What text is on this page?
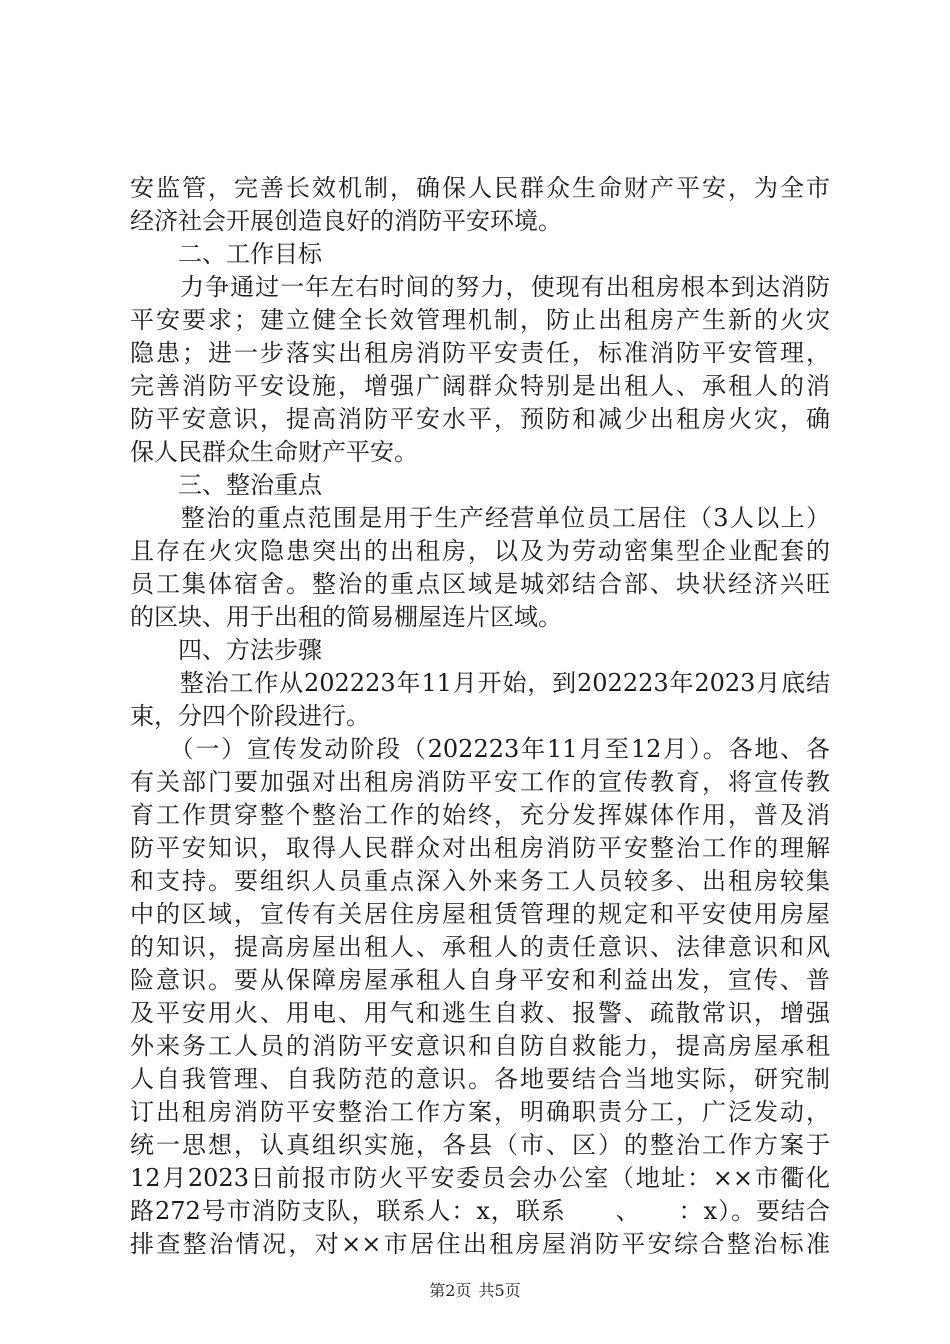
安监管，完善长效机制，确保人民群众生命财产平安，为全市
经济社会开展创造良好的消防平安环境。
　　二、工作目标
　　力争通过一年左右时间的努力，使现有出租房根本到达消防
平安要求；建立健全长效管理机制，防止出租房产生新的火灾
隐患；进一步落实出租房消防平安责任，标准消防平安管理，
完善消防平安设施，增强广阔群众特别是出租人、承租人的消
防平安意识，提高消防平安水平，预防和减少出租房火灾，确
保人民群众生命财产平安。
　　三、整治重点
　　整治的重点范围是用于生产经营单位员工居住（3人以上）
且存在火灾隐患突出的出租房，以及为劳动密集型企业配套的
员工集体宿舍。整治的重点区域是城郊结合部、块状经济兴旺
的区块、用于出租的简易棚屋连片区域。
　　四、方法步骤
　　整治工作从202223年11月开始，到202223年2023月底结
束，分四个阶段进行。
　　（一）宣传发动阶段（202223年11月至12月）。各地、各
有关部门要加强对出租房消防平安工作的宣传教育，将宣传教
育工作贯穿整个整治工作的始终，充分发挥媒体作用，普及消
防平安知识，取得人民群众对出租房消防平安整治工作的理解
和支持。要组织人员重点深入外来务工人员较多、出租房较集
中的区域，宣传有关居住房屋租赁管理的规定和平安使用房屋
的知识，提高房屋出租人、承租人的责任意识、法律意识和风
险意识。要从保障房屋承租人自身平安和利益出发，宣传、普
及平安用火、用电、用气和逃生自救、报警、疏散常识，增强
外来务工人员的消防平安意识和自防自救能力，提高房屋承租
人自我管理、自我防范的意识。各地要结合当地实际，研究制
订出租房消防平安整治工作方案，明确职责分工，广泛发动，
统一思想，认真组织实施，各县（市、区）的整治工作方案于
12月2023日前报市防火平安委员会办公室（地址：××市衢化
路272号市消防支队，联系人：x，联系　　、　　：x）。要结合
排查整治情况，对××市居住出租房屋消防平安综合整治标准
第2页 共5页
